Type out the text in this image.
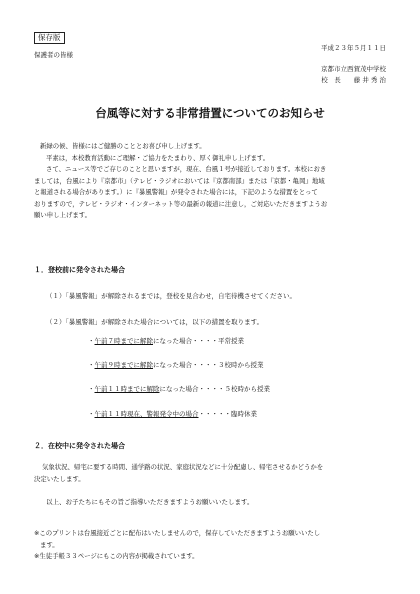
保存版
保護者の皆様
平成２３年５月１１日
京都市立西賀茂中学校
校　長　　藤 井 秀 治
台風等に対する非常措置についてのお知らせ
新緑の候、皆様にはご健勝のこととお喜び申し上げます。
平素は，本校教育活動にご理解・ご協力をたまわり、厚く御礼申し上げます。
さて、ニュース等でご存じのことと思いますが，現在、台風１号が接近しております。本校におき
ましては，台風により『京都市』（テレビ・ラジオにおいては『京都南部』または『京都・亀岡』地域
と報道される場合があります。）に『暴風警報』が発令された場合には，下記のような措置をとって
おりますので，テレビ・ラジオ・インターネット等の最新の報道に注意し，ご対応いただきますようお
願い申し上げます。
１．登校前に発令された場合
（１）「暴風警報」が解除されるまでは，登校を見合わせ，自宅待機させてください。
（２）「暴風警報」が解除された場合については，以下の措置を取ります。
・午前７時までに解除になった場合・・・・平常授業
・午前９時までに解除になった場合・・・・３校時から授業
・午前１１時までに解除になった場合・・・・５校時から授業
・午前１１時現在、警報発令中の場合・・・・・臨時休業
２．在校中に発令された場合
気象状況、帰宅に要する時間、通学路の状況、家庭状況などに十分配慮し、帰宅させるかどうかを
決定いたします。
以上、お子たちにもその旨ご指導いただきますようお願いいたします。
※このプリントは台風接近ごとに配布はいたしませんので，保存していただきますようお願いいたし
ます。
※生徒手帳３３ページにもこの内容が掲載されています。
